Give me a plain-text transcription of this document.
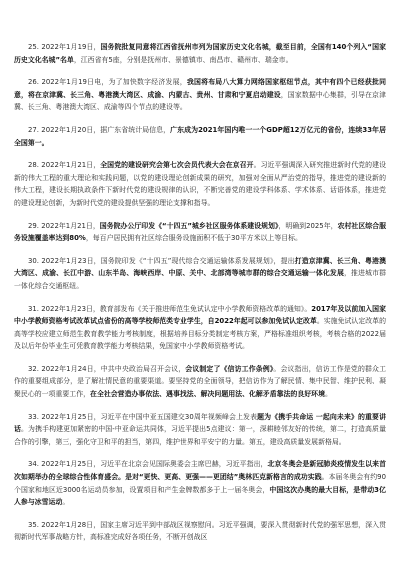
25. 2022年1月19日，国务院批复同意将江西省抚州市列为国家历史文化名城，截至目前，全国有140个列入“国家历史文化名城”名单，江西省有5座，分别是抚州市、景德镇市、南昌市、赣州市、瑞金市。

26. 2022年1月19日电，为了加快数字经济发展，我国将布局八大算力网络国家枢纽节点，其中有四个已经获批同意，将在京津冀、长三角、粤港澳大湾区、成渝、内蒙古、贵州、甘肃和宁夏启动建设，国家数据中心集群，引导在京津冀、长三角、粤港澳大湾区、成渝等四个节点的建设等。

27. 2022年1月20日，据广东省统计局信息，广东成为2021年国内唯一一个GDP超12万亿元的省份，连续33年居全国第一。

28. 2022年1月21日，全国党的建设研究会第七次会员代表大会在京召开。习近平强调深入研究推进新时代党的建设新的伟大工程的重大理论和实践问题，以党的建设理论创新成果的研究，加强对全面从严治党的指导，推进党的建设新的伟大工程，建设长期执政条件下新时代党的建设规律的认识，不断完善党的建设学科体系、学术体系、话语体系，推进党的建设理论创新，为新时代党的建设提供坚强的理论支撑和指导。

29. 2022年1月21日，国务院办公厅印发《“十四五”城乡社区服务体系建设规划》，明确到2025年，农村社区综合服务设施覆盖率达到80%，每百户居民拥有社区综合服务设施面积不低于30平方米以上等目标。

30. 2022年1月23日，国务院印发《“十四五”现代综合交通运输体系发展规划》，提出打造京津冀、长三角、粤港澳大湾区、成渝、长江中游、山东半岛、海峡西岸、中原、关中、北部湾等城市群的综合交通运输一体化发展，推进城市群一体化综合交通枢纽。

31. 2022年1月23日，教育部发布《关于推进师范生免试认定中小学教师资格改革的通知》。2017年及以前加入国家中小学教师资格考试改革试点省份的高等学校师范类专业学生，自2022年起可以参加免试认定改革。实施免试认定改革的高等学校应建立师范生教育教学能力考核制度，根据培养目标分类制定考核方案，严格标准组织考核，考核合格的2022届及以后年份毕业生可凭教育教学能力考核结果，免国家中小学教师资格考试。

32. 2022年1月24日，中共中央政治局召开会议，会议制定了《信访工作条例》。会议指出，信访工作是党的群众工作的重要组成部分，是了解社情民意的重要渠道。要坚持党的全面领导，把信访作为了解民情、集中民智、维护民利、凝聚民心的一项重要工作，在全社会营造办事依法、遇事找法、解决问题用法、化解矛盾靠法的良好环境。

33. 2022年1月25日，习近平在中国中亚五国建交30周年视频峰会上发表题为《携手共命运 一起向未来》的重要讲话。为携手构建更加紧密的中国-中亚命运共同体，习近平提出5点建议：第一，深耕睦邻友好的传统，第二，打造高质量合作的引擎，第三，强化守卫和平的担当，第四，维护世界和平安宁的力量。第五，建设高质量发展新格局。

34. 2022年1月25日，习近平在北京会见国际奥委会主席巴赫，习近平指出，北京冬奥会是新冠肺炎疫情发生以来首次如期举办的全球综合性体育盛会。是对“更快、更高、更强——更团结”奥林匹克新格言的成功实践。本届冬奥会有约90个国家和地区近3000名运动员参加，设置项目和产生金牌数都多于上一届冬奥会，中国这次办奥的最大目标，是带动3亿人参与冰雪运动。

35. 2022年1月28日，国家主席习近平到中部战区视察慰问。习近平强调，要深入贯彻新时代党的强军思想，深入贯彻新时代军事战略方针，高标准完成好各项任务，不断开创战区
